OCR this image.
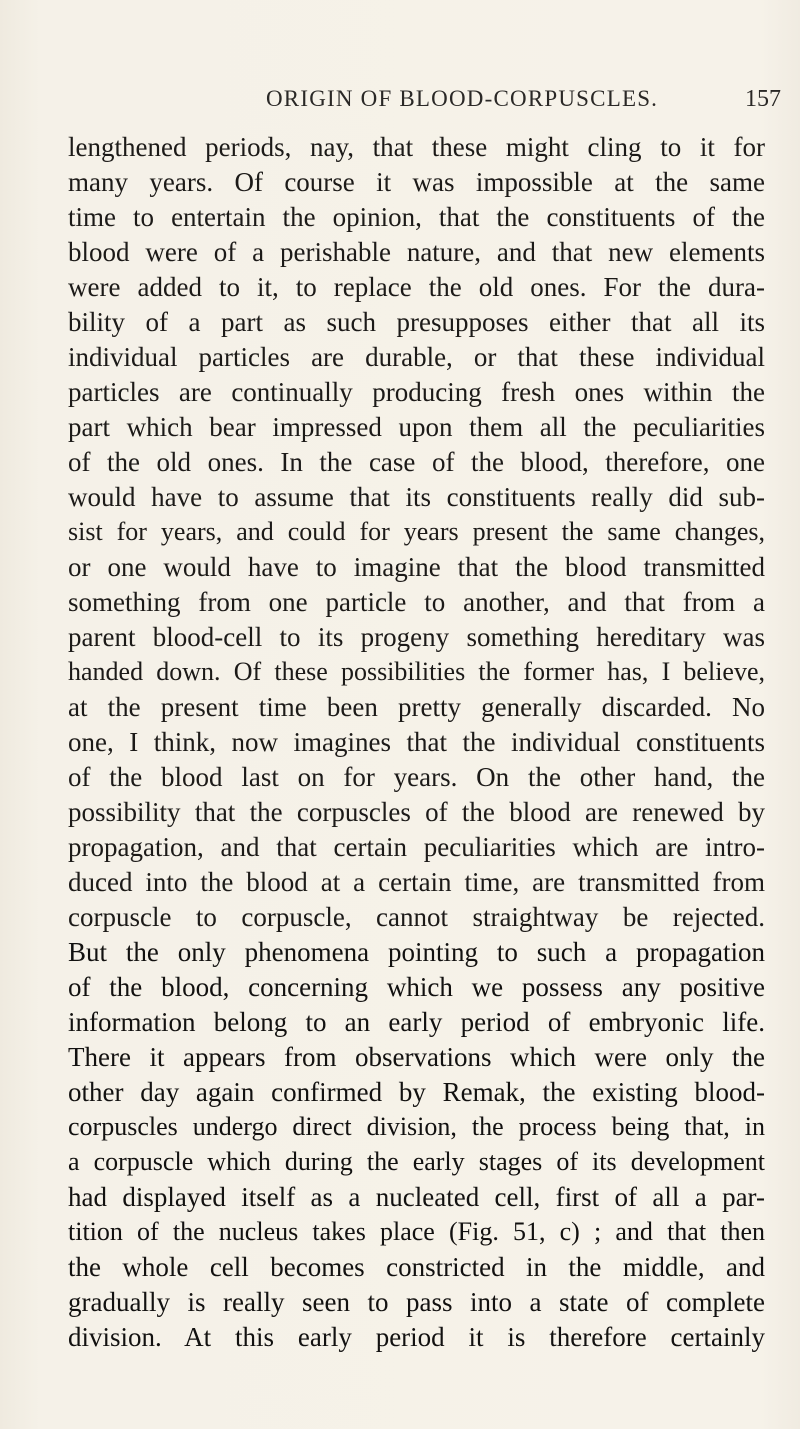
ORIGIN OF BLOOD-CORPUSCLES.	157
lengthened periods, nay, that these might cling to it for
many years. Of course it was impossible at the same
time to entertain the opinion, that the constituents of the
blood were of a perishable nature, and that new elements
were added to it, to replace the old ones. For the dura-
bility of a part as such presupposes either that all its
individual particles are durable, or that these individual
particles are continually producing fresh ones within the
part which bear impressed upon them all the peculiarities
of the old ones. In the case of the blood, therefore, one
would have to assume that its constituents really did sub-
sist for years, and could for years present the same changes,
or one would have to imagine that the blood transmitted
something from one particle to another, and that from a
parent blood-cell to its progeny something hereditary was
handed down. Of these possibilities the former has, I believe,
at the present time been pretty generally discarded. No
one, I think, now imagines that the individual constituents
of the blood last on for years. On the other hand, the
possibility that the corpuscles of the blood are renewed by
propagation, and that certain peculiarities which are intro-
duced into the blood at a certain time, are transmitted from
corpuscle to corpuscle, cannot straightway be rejected.
But the only phenomena pointing to such a propagation
of the blood, concerning which we possess any positive
information belong to an early period of embryonic life.
There it appears from observations which were only the
other day again confirmed by Remak, the existing blood-
corpuscles undergo direct division, the process being that, in
a corpuscle which during the early stages of its development
had displayed itself as a nucleated cell, first of all a par-
tition of the nucleus takes place (Fig. 51, c) ; and that then
the whole cell becomes constricted in the middle, and
gradually is really seen to pass into a state of complete
division. At this early period it is therefore certainly
